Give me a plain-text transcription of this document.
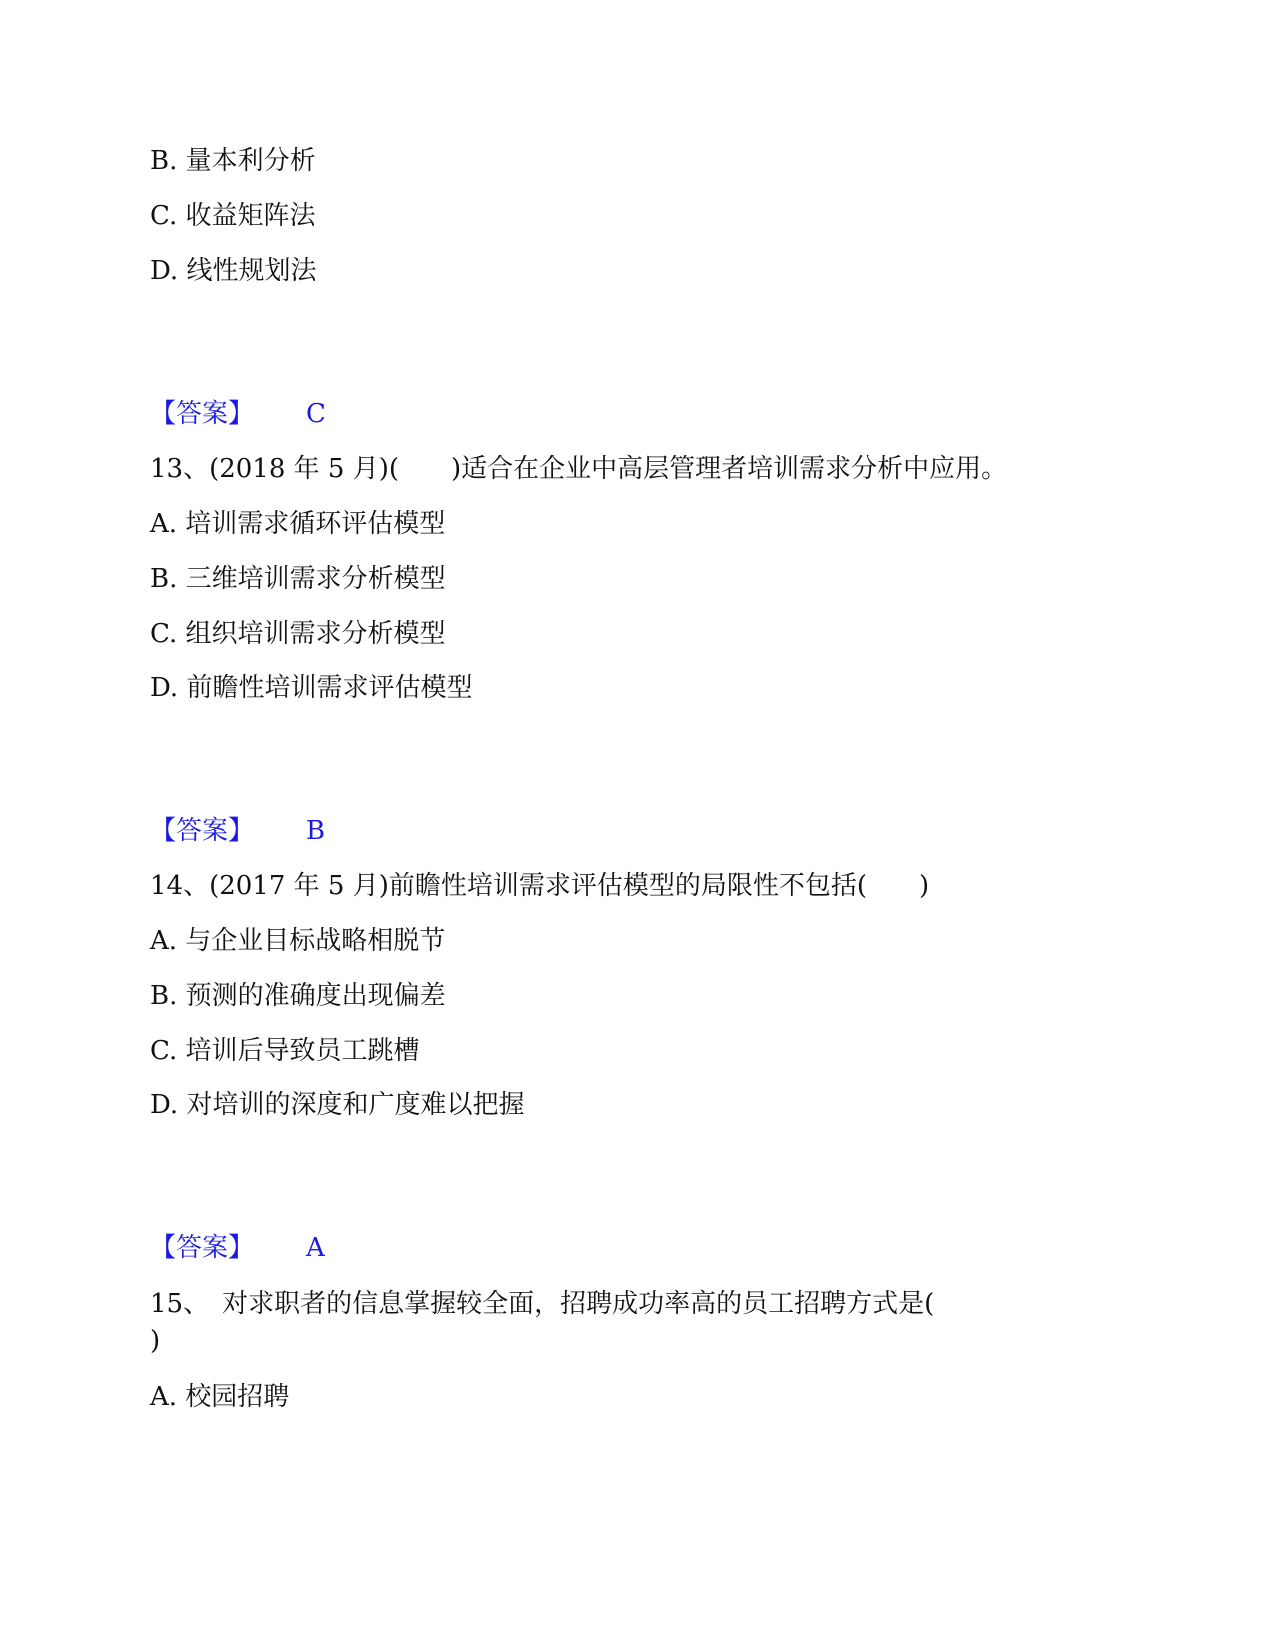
B. 量本利分析
C. 收益矩阵法
D. 线性规划法
【答案】 C
13、(2018 年 5 月)(　　)适合在企业中高层管理者培训需求分析中应用。
A. 培训需求循环评估模型
B. 三维培训需求分析模型
C. 组织培训需求分析模型
D. 前瞻性培训需求评估模型
【答案】 B
14、(2017 年 5 月)前瞻性培训需求评估模型的局限性不包括(　　)
A. 与企业目标战略相脱节
B. 预测的准确度出现偏差
C. 培训后导致员工跳槽
D. 对培训的深度和广度难以把握
【答案】 A
15、　对求职者的信息掌握较全面，招聘成功率高的员工招聘方式是(
)
A. 校园招聘
